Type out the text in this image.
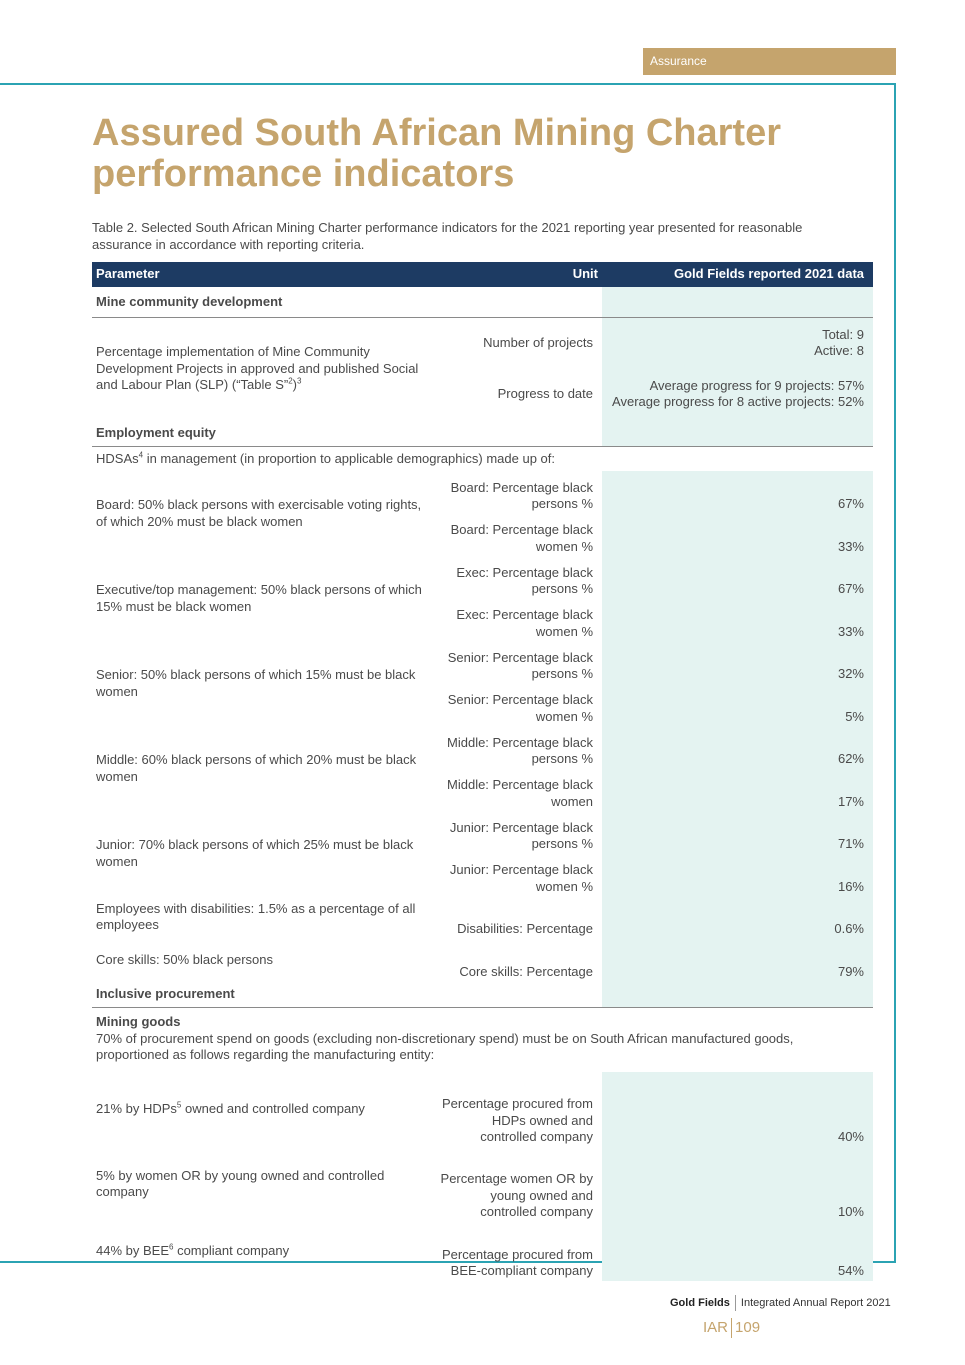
Assurance
Assured South African Mining Charter performance indicators

Table 2. Selected South African Mining Charter performance indicators for the 2021 reporting year presented for reasonable assurance in accordance with reporting criteria.

Parameter	Unit	Gold Fields reported 2021 data
Mine community development		
Percentage implementation of Mine Community Development Projects in approved and published Social and Labour Plan (SLP) (“Table S”$^2$)$^3$	Number of projects	Total: 9
Active: 8

	Progress to date	Average progress for 9 projects: 57%
Average progress for 8 active projects: 52%

Employment equity		
HDSAs$^4$ in management (in proportion to applicable demographics) made up of:		
Board: 50% black persons with exercisable voting rights, of which 20% must be black women	Board: Percentage black persons %	67%
	Board: Percentage black women %	33%
Executive/top management: 50% black persons of which 15% must be black women	Exec: Percentage black persons %	67%
	Exec: Percentage black women %	33%
Senior: 50% black persons of which 15% must be black women	Senior: Percentage black persons %	32%
	Senior: Percentage black women %	5%
Middle: 60% black persons of which 20% must be black women	Middle: Percentage black persons %	62%
	Middle: Percentage black women	17%
Junior: 70% black persons of which 25% must be black women	Junior: Percentage black persons %	71%
	Junior: Percentage black women %	16%
Employees with disabilities: 1.5% as a percentage of all employees	Disabilities: Percentage	0.6%
Core skills: 50% black persons	Core skills: Percentage	79%
Inclusive procurement		

Mining goods
70% of procurement spend on goods (excluding non-discretionary spend) must be on South African manufactured goods, proportioned as follows regarding the manufacturing entity:		

21% by HDPs$^5$ owned and controlled company	Percentage procured from HDPs owned and controlled company	40%
5% by women OR by young owned and controlled company	Percentage women OR by young owned and controlled company	10%
44% by BEE$^6$ compliant company	Percentage procured from BEE-compliant company	54%
Gold Fields Integrated Annual Report 2021
IAR 109
